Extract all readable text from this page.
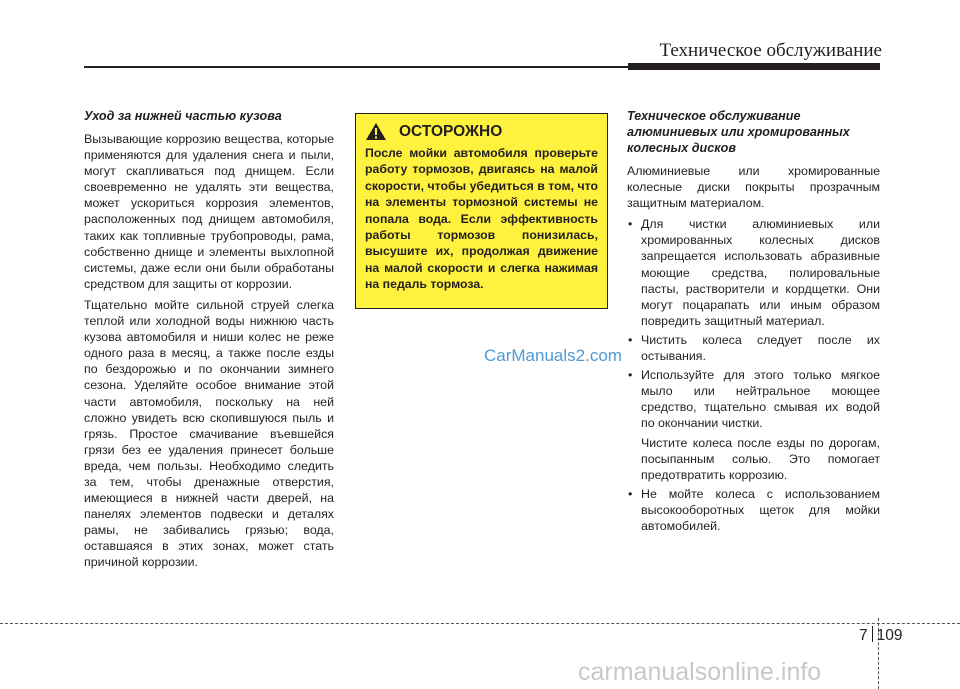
Техническое обслуживание
Уход за нижней частью кузова

Вызывающие коррозию вещества, которые применяются для удаления снега и пыли, могут скапливаться под днищем. Если своевременно не удалять эти вещества, может ускориться коррозия элементов, расположенных под днищем автомобиля, таких как топливные трубопроводы, рама, собственно днище и элементы выхлопной системы, даже если они были обработаны средством для защиты от коррозии.

Тщательно мойте сильной струей слегка теплой или холодной воды нижнюю часть кузова автомобиля и ниши колес не реже одного раза в месяц, а также после езды по бездорожью и по окончании зимнего сезона. Уделяйте особое внимание этой части автомобиля, поскольку на ней сложно увидеть всю скопившуюся пыль и грязь. Простое смачивание въевшейся грязи без ее удаления принесет больше вреда, чем пользы. Необходимо следить за тем, чтобы дренажные отверстия, имеющиеся в нижней части дверей, на панелях элементов подвески и деталях рамы, не забивались грязью; вода, оставшаяся в этих зонах, может стать причиной коррозии.

ОСТОРОЖНО
После мойки автомобиля проверьте работу тормозов, двигаясь на малой скорости, чтобы убедиться в том, что на элементы тормозной системы не попала вода. Если эффективность работы тормозов понизилась, высушите их, продолжая движение на малой скорости и слегка нажимая на педаль тормоза.
CarManuals2.com
Техническое обслуживание алюминиевых или хромированных колесных дисков

Алюминиевые или хромированные колесные диски покрыты прозрачным защитным материалом.

• Для чистки алюминиевых или хромированных колесных дисков запрещается использовать абразивные моющие средства, полировальные пасты, растворители и кордщетки. Они могут поцарапать или иным образом повредить защитный материал.
• Чистить колеса следует после их остывания.
• Используйте для этого только мягкое мыло или нейтральное моющее средство, тщательно смывая их водой по окончании чистки.
Чистите колеса после езды по дорогам, посыпанным солью. Это помогает предотвратить коррозию.
• Не мойте колеса с использованием высокооборотных щеток для мойки автомобилей.
7 109
carmanualsonline.info
